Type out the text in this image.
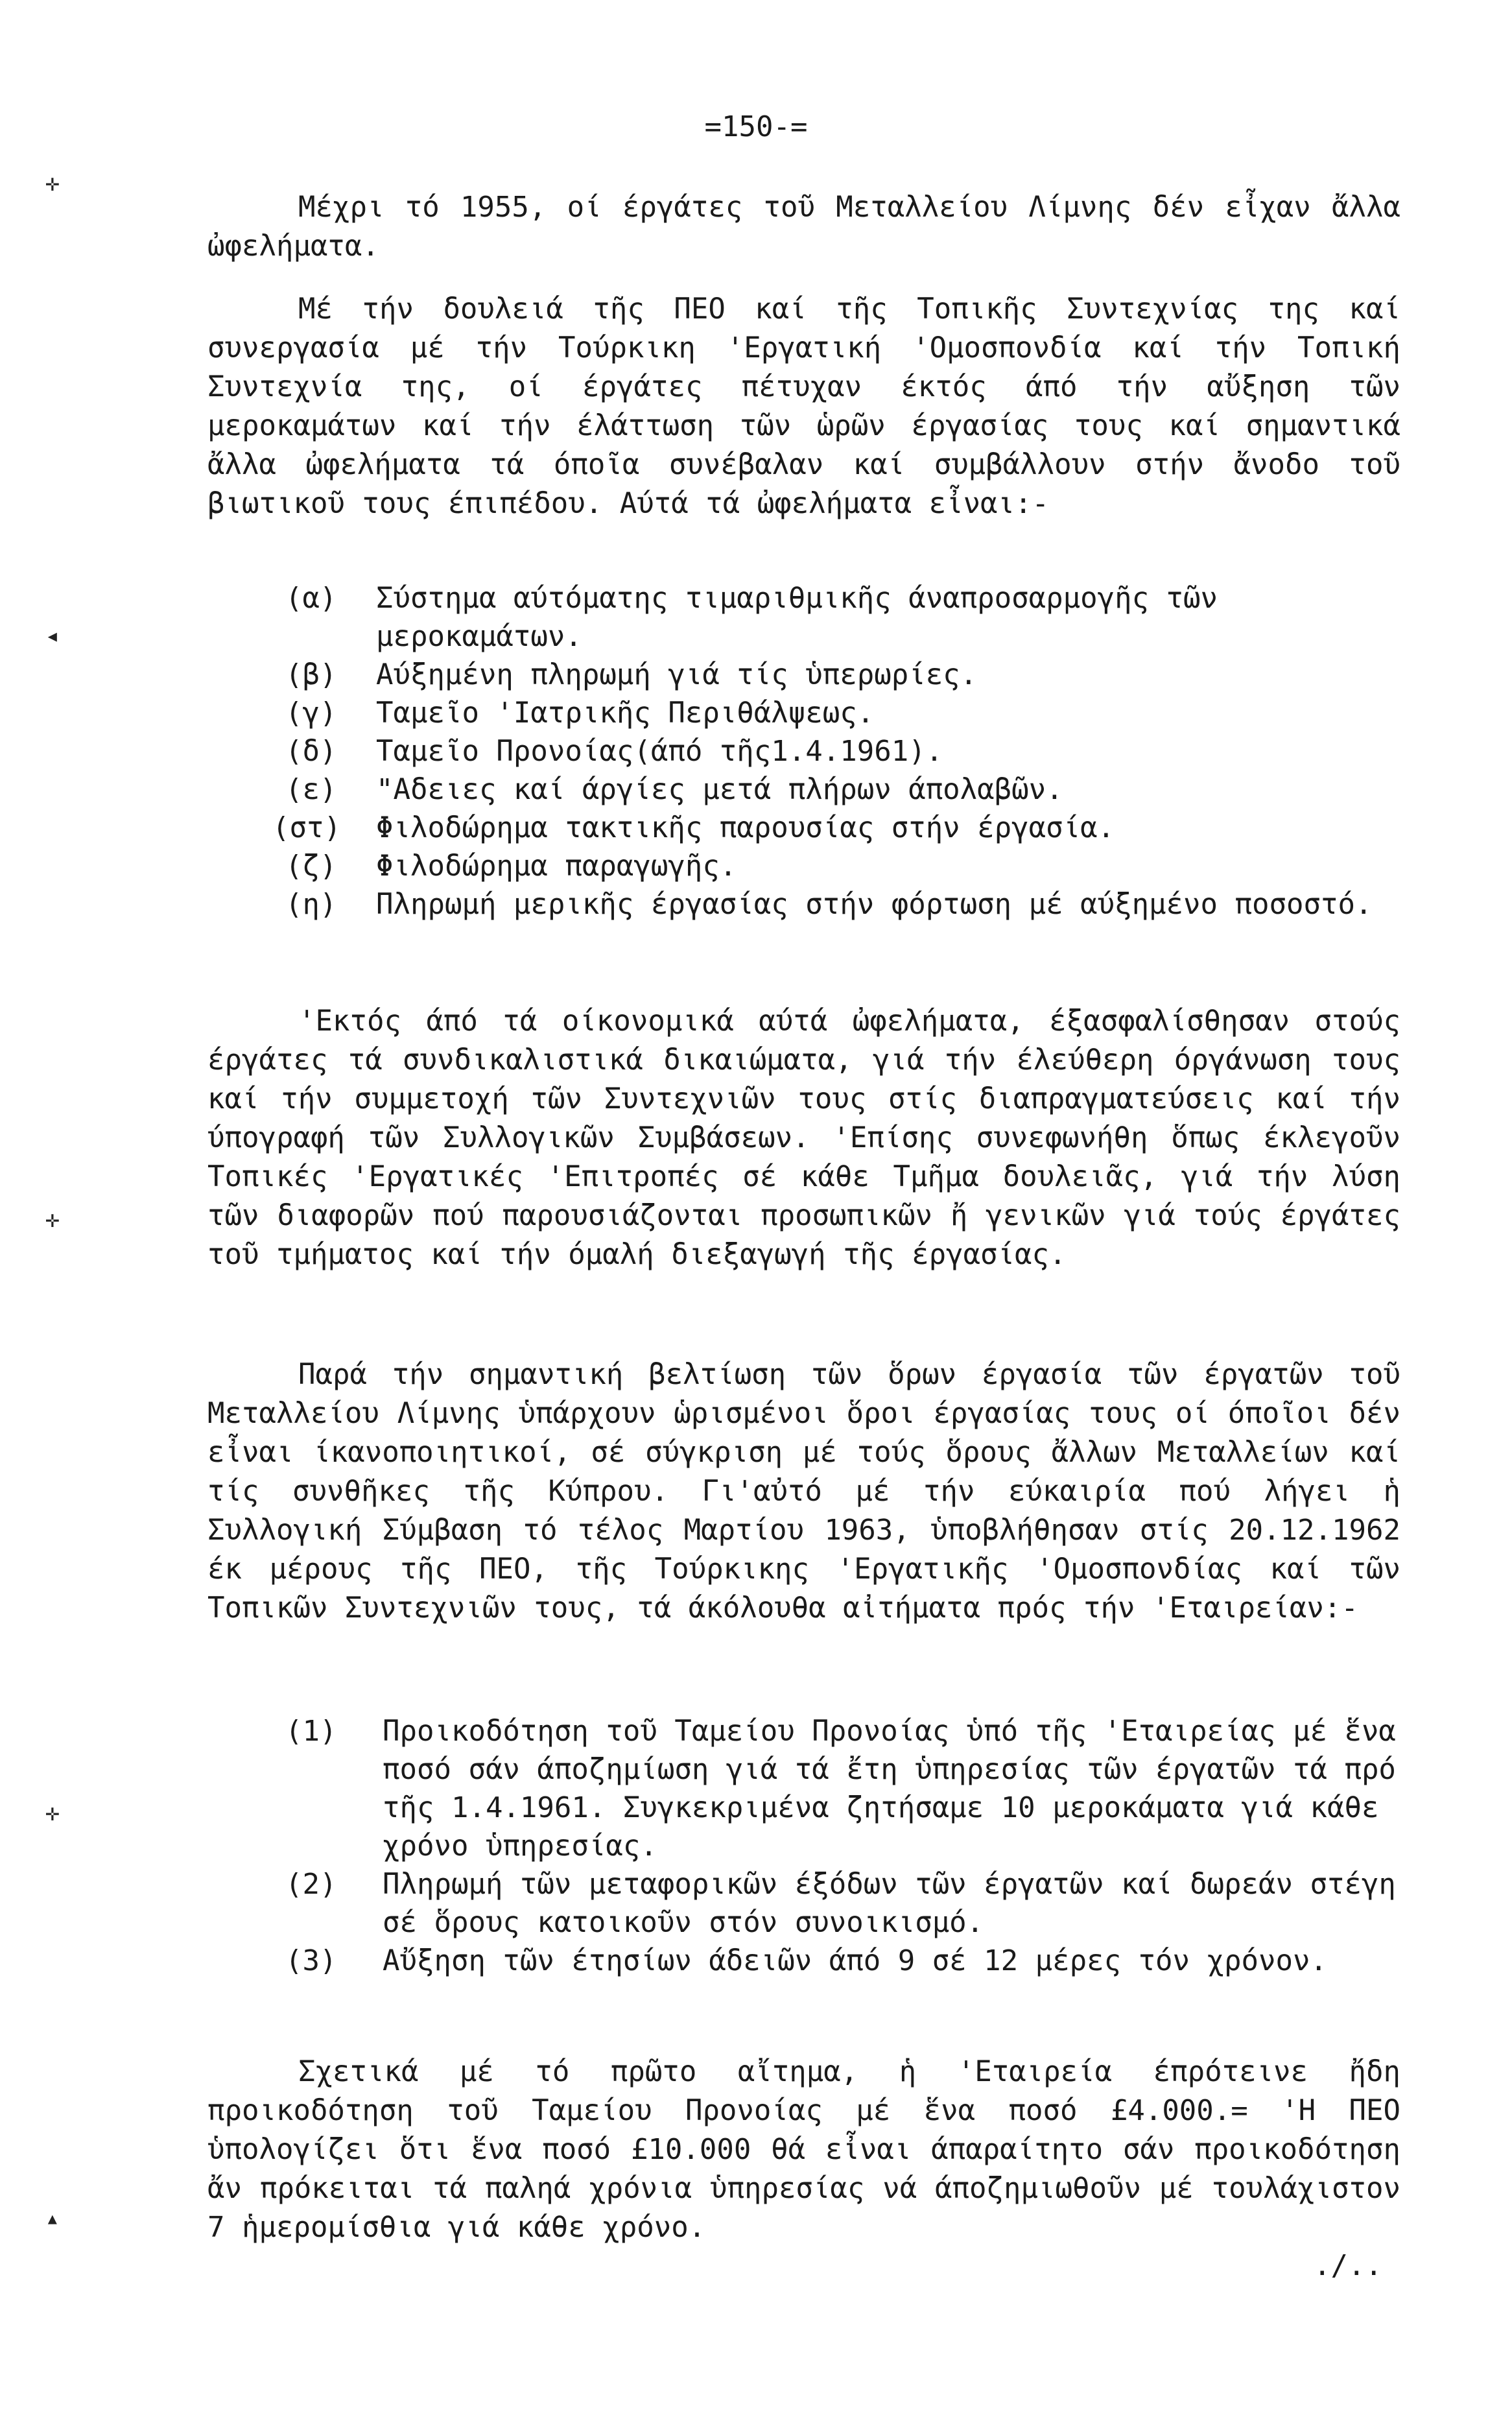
✛
◂
✛
✛
▴
=150-=

Μέχρι τό 1955, οί έργάτες τοῦ Μεταλλείου Λίμνης δέν εἶχαν ἄλλα ὠφελήματα.

Μέ τήν δουλειά τῆς ΠΕΟ καί τῆς Τοπικῆς Συντεχνίας της καί συνεργασία μέ τήν Τούρκικη 'Εργατική 'Ομοσπονδία καί τήν Τοπική Συντεχνία της, οί έργάτες πέτυχαν έκτός άπό τήν αὔξηση τῶν μεροκαμάτων καί τήν έλάττωση τῶν ὡρῶν έργασίας τους καί σημαντικά ἄλλα ὠφελήματα τά όποῖα συνέβαλαν καί συμβάλλουν στήν ἄνοδο τοῦ βιωτικοῦ τους έπιπέδου. Αύτά τά ὠφελήματα εἶναι:-

(α) Σύστημα αύτόματης τιμαριθμικῆς άναπροσαρμογῆς τῶν μεροκαμάτων.
(β) Αύξημένη πληρωμή γιά τίς ὑπερωρίες.
(γ) Ταμεῖο 'Ιατρικῆς Περιθάλψεως.
(δ) Ταμεῖο Προνοίας(άπό τῆς1.4.1961).
(ε) "Αδειες καί άργίες μετά πλήρων άπολαβῶν.
(στ) Φιλοδώρημα τακτικῆς παρουσίας στήν έργασία.
(ζ) Φιλοδώρημα παραγωγῆς.
(η) Πληρωμή μερικῆς έργασίας στήν φόρτωση μέ αύξημένο ποσοστό.

'Εκτός άπό τά οίκονομικά αύτά ὠφελήματα, έξασφαλίσθησαν στούς έργάτες τά συνδικαλιστικά δικαιώματα, γιά τήν έλεύθερη όργάνωση τους καί τήν συμμετοχή τῶν Συντεχνιῶν τους στίς διαπραγματεύσεις καί τήν ύπογραφή τῶν Συλλογικῶν Συμβάσεων. 'Επίσης συνεφωνήθη ὅπως έκλεγοῦν Τοπικές 'Εργατικές 'Επιτροπές σέ κάθε Τμῆμα δουλειᾶς, γιά τήν λύση τῶν διαφορῶν πού παρουσιάζονται προσωπικῶν ἤ γενικῶν γιά τούς έργάτες τοῦ τμήματος καί τήν όμαλή διεξαγωγή τῆς έργασίας.

Παρά τήν σημαντική βελτίωση τῶν ὅρων έργασία τῶν έργατῶν τοῦ Μεταλλείου Λίμνης ὑπάρχουν ὡρισμένοι ὅροι έργασίας τους οί όποῖοι δέν εἶναι ίκανοποιητικοί, σέ σύγκριση μέ τούς ὅρους ἄλλων Μεταλλείων καί τίς συνθῆκες τῆς Κύπρου. Γι'αὐτό μέ τήν εύκαιρία πού λήγει ἡ Συλλογική Σύμβαση τό τέλος Μαρτίου 1963, ὑποβλήθησαν στίς 20.12.1962 έκ μέρους τῆς ΠΕΟ, τῆς Τούρκικης 'Εργατικῆς 'Ομοσπονδίας καί τῶν Τοπικῶν Συντεχνιῶν τους, τά άκόλουθα αἰτήματα πρός τήν 'Εταιρείαν:-

(1) Προικοδότηση τοῦ Ταμείου Προνοίας ὑπό τῆς 'Εταιρείας μέ ἕνα ποσό σάν άποζημίωση γιά τά ἔτη ὑπηρεσίας τῶν έργατῶν τά πρό τῆς 1.4.1961. Συγκεκριμένα ζητήσαμε 10 μεροκάματα γιά κάθε χρόνο ὑπηρεσίας.
(2) Πληρωμή τῶν μεταφορικῶν έξόδων τῶν έργατῶν καί δωρεάν στέγη σέ ὅρους κατοικοῦν στόν συνοικισμό.
(3) Αὔξηση τῶν έτησίων άδειῶν άπό 9 σέ 12 μέρες τόν χρόνον.

Σχετικά μέ τό πρῶτο αἴτημα, ἡ 'Εταιρεία έπρότεινε ἤδη προικοδότηση τοῦ Ταμείου Προνοίας μέ ἕνα ποσό £4.000.= 'Η ΠΕΟ ὑπολογίζει ὅτι ἕνα ποσό £10.000 θά εἶναι άπαραίτητο σάν προικοδότηση ἄν πρόκειται τά παληά χρόνια ὑπηρεσίας νά άποζημιωθοῦν μέ τουλάχιστον 7 ἡμερομίσθια γιά κάθε χρόνο.

./..
